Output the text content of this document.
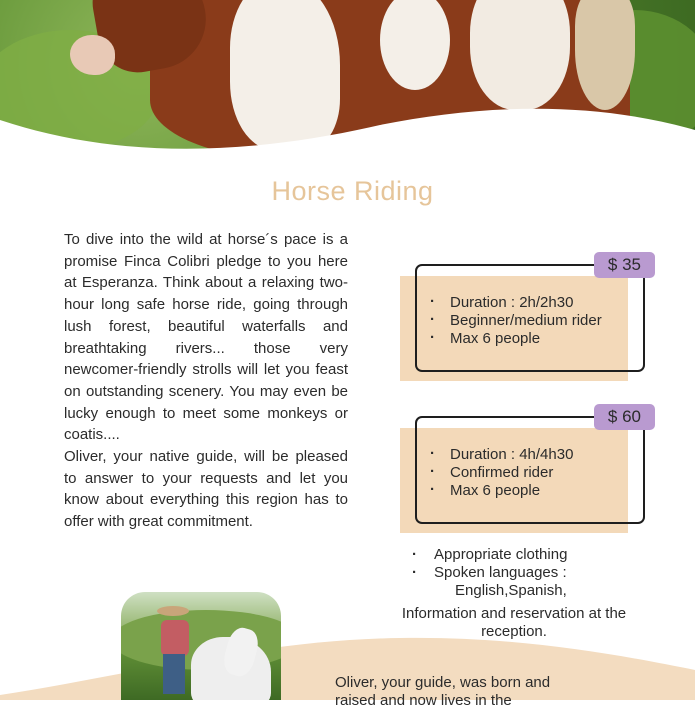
Horse Riding

To dive into the wild at horse´s pace is a promise Finca Colibri pledge to you here at Esperanza. Think about a relaxing two-hour long safe horse ride, going through lush forest, beautiful waterfalls and breathtaking rivers... those very newcomer-friendly strolls will let you feast on outstanding scenery. You may even be lucky enough to meet some monkeys or coatis....

Oliver, your native guide, will be pleased to answer to your requests and let you know about everything this region has to offer with great commitment.

$ 35
· Duration : 2h/2h30
· Beginner/medium rider
· Max 6 people
$ 60
· Duration : 4h/4h30
· Confirmed rider
· Max 6 people
· Appropriate clothing
· Spoken languages :
English,Spanish,
Information and reservation at the reception.
Oliver, your guide, was born and raised and now lives in the
